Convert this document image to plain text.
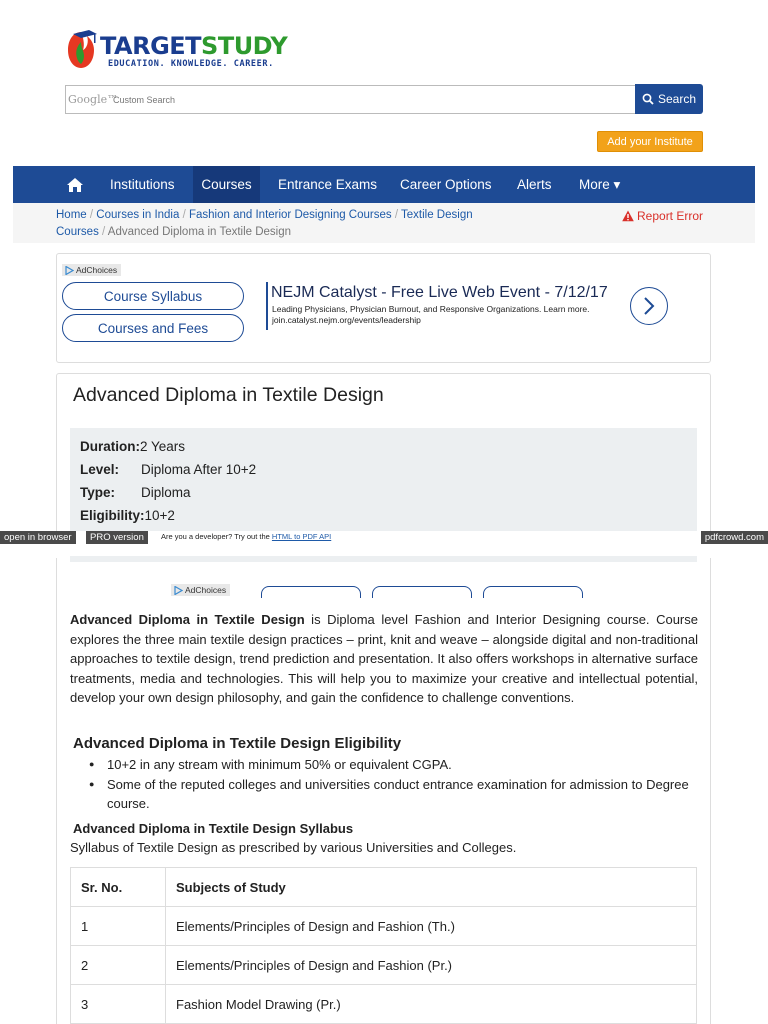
TARGETSTUDY
EDUCATION. KNOWLEDGE. CAREER.
Google™
Custom Search	Search
Add your Institute
Institutions	Courses	Entrance Exams Career Options Alerts More ▾
Home / Courses in India / Fashion and Interior Designing Courses / Textile Design Courses / Advanced Diploma in Textile Design
Report Error
AdChoices
Course Syllabus
Courses and Fees
NEJM Catalyst - Free Live Web Event - 7/12/17
Leading Physicians, Physician Burnout, and Responsive Organizations. Learn more. join.catalyst.nejm.org/events/leadership
Advanced Diploma in Textile Design
Duration:2 Years
Level: Diploma After 10+2
Type: Diploma
Eligibility:10+2
open in browser	PRO version	Are you a developer? Try out the HTML to PDF API	pdfcrowd.com
AdChoices
Advanced Diploma in Textile Design is Diploma level Fashion and Interior Designing course. Course explores the three main textile design practices – print, knit and weave – alongside digital and non-traditional approaches to textile design, trend prediction and presentation. It also offers workshops in alternative surface treatments, media and technologies. This will help you to maximize your creative and intellectual potential, develop your own design philosophy, and gain the confidence to challenge conventions.
Advanced Diploma in Textile Design Eligibility
● 10+2 in any stream with minimum 50% or equivalent CGPA.
● Some of the reputed colleges and universities conduct entrance examination for admission to Degree course.
Advanced Diploma in Textile Design Syllabus
Syllabus of Textile Design as prescribed by various Universities and Colleges.
Sr. No.	Subjects of Study
1	Elements/Principles of Design and Fashion (Th.)
2	Elements/Principles of Design and Fashion (Pr.)
3	Fashion Model Drawing (Pr.)
